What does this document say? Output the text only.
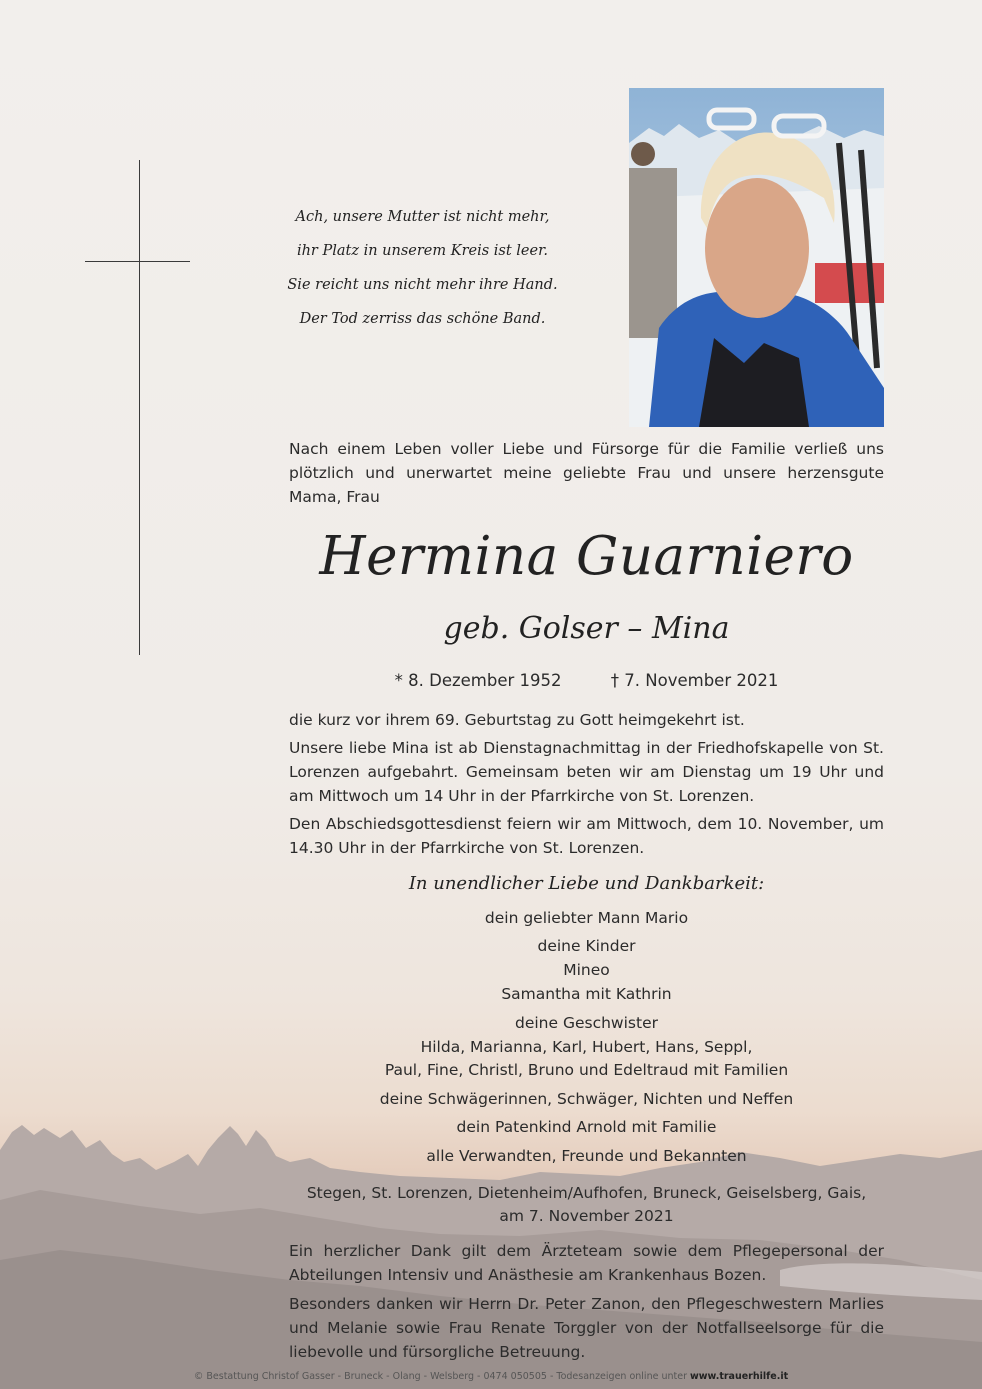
Ach, unsere Mutter ist nicht mehr,
ihr Platz in unserem Kreis ist leer.
Sie reicht uns nicht mehr ihre Hand.
Der Tod zerriss das schöne Band.
Nach einem Leben voller Liebe und Fürsorge für die Familie verließ uns plötzlich und unerwartet meine geliebte Frau und unsere herzensgute Mama, Frau
Hermina Guarniero
geb. Golser – Mina
* 8. Dezember 1952	† 7. November 2021
die kurz vor ihrem 69. Geburtstag zu Gott heimgekehrt ist.
Unsere liebe Mina ist ab Dienstagnachmittag in der Friedhofskapelle von St. Lorenzen aufgebahrt. Gemeinsam beten wir am Dienstag um 19 Uhr und am Mittwoch um 14 Uhr in der Pfarrkirche von St. Lorenzen.
Den Abschiedsgottesdienst feiern wir am Mittwoch, dem 10. November, um 14.30 Uhr in der Pfarrkirche von St. Lorenzen.
In unendlicher Liebe und Dankbarkeit:
dein geliebter Mann Mario
deine Kinder
Mineo
Samantha mit Kathrin
deine Geschwister
Hilda, Marianna, Karl, Hubert, Hans, Seppl,
Paul, Fine, Christl, Bruno und Edeltraud mit Familien
deine Schwägerinnen, Schwäger, Nichten und Neffen
dein Patenkind Arnold mit Familie
alle Verwandten, Freunde und Bekannten
Stegen, St. Lorenzen, Dietenheim/Aufhofen, Bruneck, Geiselsberg, Gais,
am 7. November 2021
Ein herzlicher Dank gilt dem Ärzteteam sowie dem Pflegepersonal der Abteilungen Intensiv und Anästhesie am Krankenhaus Bozen.
Besonders danken wir Herrn Dr. Peter Zanon, den Pflegeschwestern Marlies und Melanie sowie Frau Renate Torggler von der Notfallseelsorge für die liebevolle und fürsorgliche Betreuung.
© Bestattung Christof Gasser - Bruneck - Olang - Welsberg - 0474 050505 - Todesanzeigen online unter www.trauerhilfe.it
